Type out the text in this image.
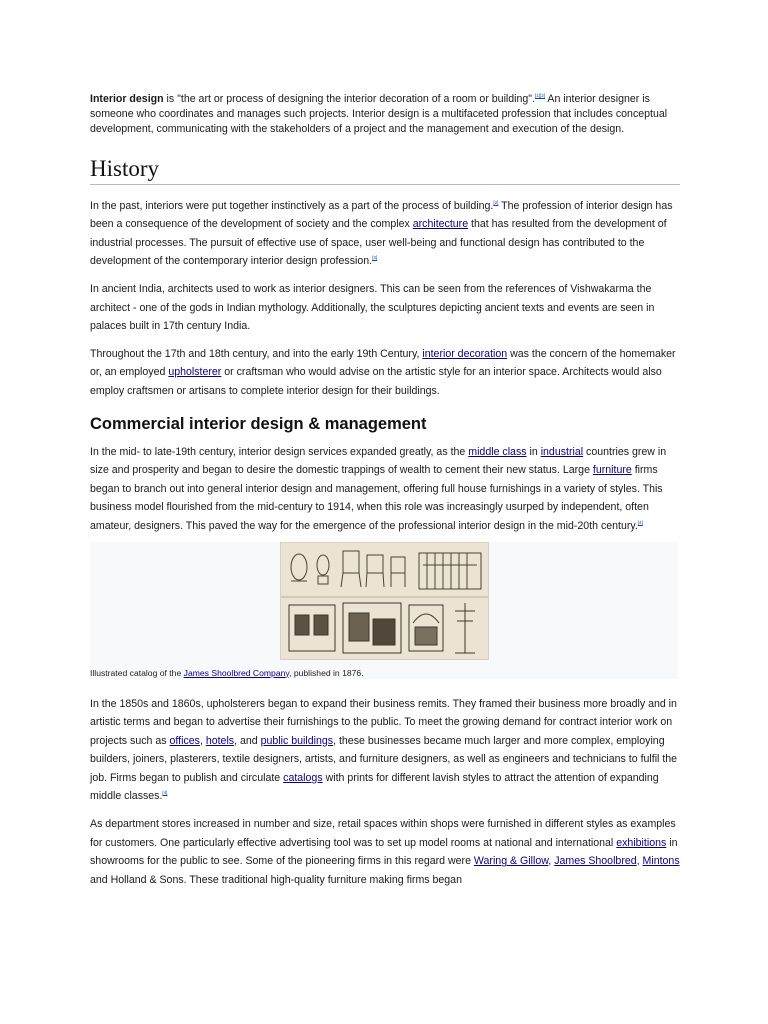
Interior design is "the art or process of designing the interior decoration of a room or building".[1][2] An interior designer is someone who coordinates and manages such projects. Interior design is a multifaceted profession that includes conceptual development, communicating with the stakeholders of a project and the management and execution of the design.

History

In the past, interiors were put together instinctively as a part of the process of building.[2] The profession of interior design has been a consequence of the development of society and the complex architecture that has resulted from the development of industrial processes. The pursuit of effective use of space, user well-being and functional design has contributed to the development of the contemporary interior design profession.[3]

In ancient India, architects used to work as interior designers. This can be seen from the references of Vishwakarma the architect - one of the gods in Indian mythology. Additionally, the sculptures depicting ancient texts and events are seen in palaces built in 17th century India.

Throughout the 17th and 18th century, and into the early 19th Century, interior decoration was the concern of the homemaker or, an employed upholsterer or craftsman who would advise on the artistic style for an interior space. Architects would also employ craftsmen or artisans to complete interior design for their buildings.

Commercial interior design & management

In the mid- to late-19th century, interior design services expanded greatly, as the middle class in industrial countries grew in size and prosperity and began to desire the domestic trappings of wealth to cement their new status. Large furniture firms began to branch out into general interior design and management, offering full house furnishings in a variety of styles. This business model flourished from the mid-century to 1914, when this role was increasingly usurped by independent, often amateur, designers. This paved the way for the emergence of the professional interior design in the mid-20th century.[4]

Illustrated catalog of the James Shoolbred Company, published in 1876.

In the 1850s and 1860s, upholsterers began to expand their business remits. They framed their business more broadly and in artistic terms and began to advertise their furnishings to the public. To meet the growing demand for contract interior work on projects such as offices, hotels, and public buildings, these businesses became much larger and more complex, employing builders, joiners, plasterers, textile designers, artists, and furniture designers, as well as engineers and technicians to fulfil the job. Firms began to publish and circulate catalogs with prints for different lavish styles to attract the attention of expanding middle classes.[4]

As department stores increased in number and size, retail spaces within shops were furnished in different styles as examples for customers. One particularly effective advertising tool was to set up model rooms at national and international exhibitions in showrooms for the public to see. Some of the pioneering firms in this regard were Waring & Gillow, James Shoolbred, Mintons and Holland & Sons. These traditional high-quality furniture making firms began
